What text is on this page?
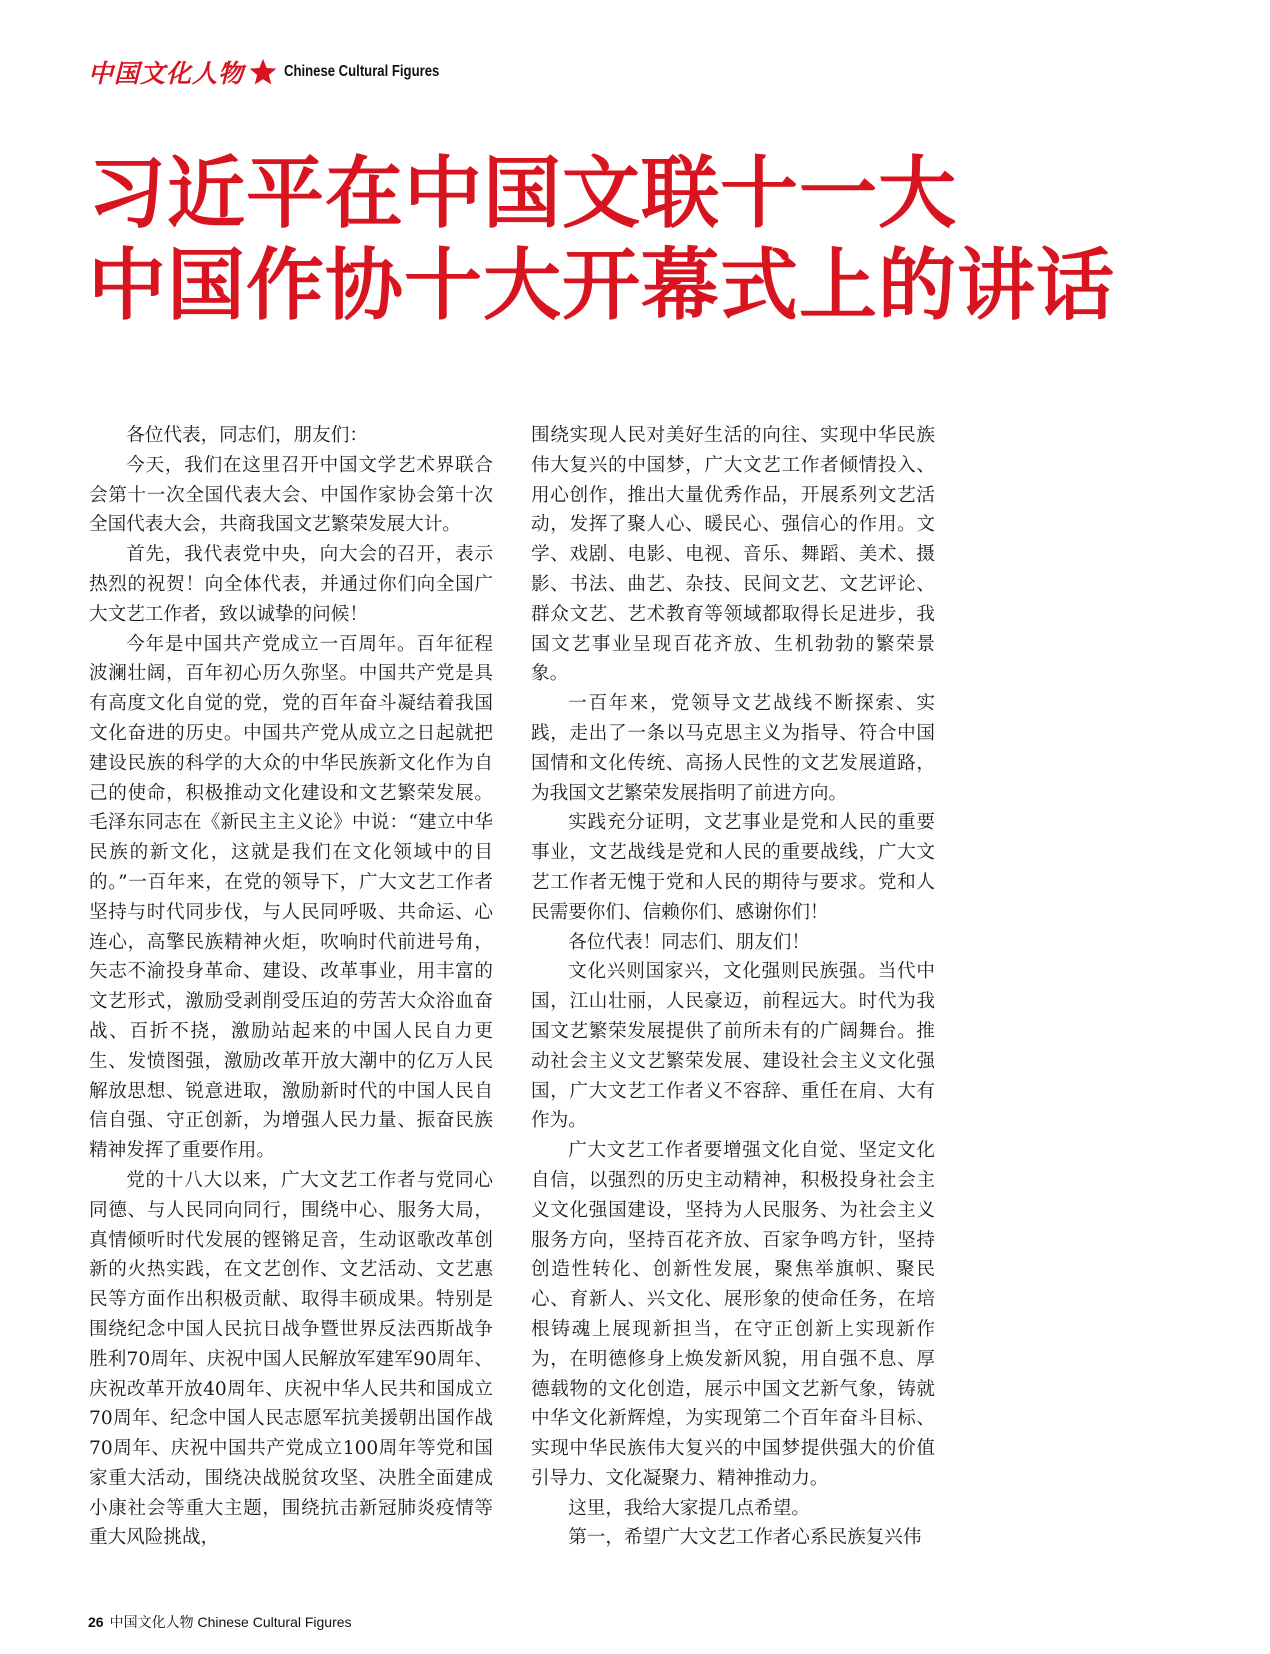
中国文化人物	Chinese Cultural Figures
习近平在中国文联十一大
中国作协十大开幕式上的讲话

各位代表，同志们，朋友们：

今天，我们在这里召开中国文学艺术界联合会第十一次全国代表大会、中国作家协会第十次全国代表大会，共商我国文艺繁荣发展大计。

首先，我代表党中央，向大会的召开，表示热烈的祝贺！向全体代表，并通过你们向全国广大文艺工作者，致以诚挚的问候！

今年是中国共产党成立一百周年。百年征程波澜壮阔，百年初心历久弥坚。中国共产党是具有高度文化自觉的党，党的百年奋斗凝结着我国文化奋进的历史。中国共产党从成立之日起就把建设民族的科学的大众的中华民族新文化作为自己的使命，积极推动文化建设和文艺繁荣发展。毛泽东同志在《新民主主义论》中说：“建立中华民族的新文化，这就是我们在文化领域中的目的。”一百年来，在党的领导下，广大文艺工作者坚持与时代同步伐，与人民同呼吸、共命运、心连心，高擎民族精神火炬，吹响时代前进号角，矢志不渝投身革命、建设、改革事业，用丰富的文艺形式，激励受剥削受压迫的劳苦大众浴血奋战、百折不挠，激励站起来的中国人民自力更生、发愤图强，激励改革开放大潮中的亿万人民解放思想、锐意进取，激励新时代的中国人民自信自强、守正创新，为增强人民力量、振奋民族精神发挥了重要作用。

党的十八大以来，广大文艺工作者与党同心同德、与人民同向同行，围绕中心、服务大局，真情倾听时代发展的铿锵足音，生动讴歌改革创新的火热实践，在文艺创作、文艺活动、文艺惠民等方面作出积极贡献、取得丰硕成果。特别是围绕纪念中国人民抗日战争暨世界反法西斯战争胜利70周年、庆祝中国人民解放军建军90周年、庆祝改革开放40周年、庆祝中华人民共和国成立70周年、纪念中国人民志愿军抗美援朝出国作战70周年、庆祝中国共产党成立100周年等党和国家重大活动，围绕决战脱贫攻坚、决胜全面建成小康社会等重大主题，围绕抗击新冠肺炎疫情等重大风险挑战，

围绕实现人民对美好生活的向往、实现中华民族伟大复兴的中国梦，广大文艺工作者倾情投入、用心创作，推出大量优秀作品，开展系列文艺活动，发挥了聚人心、暖民心、强信心的作用。文学、戏剧、电影、电视、音乐、舞蹈、美术、摄影、书法、曲艺、杂技、民间文艺、文艺评论、群众文艺、艺术教育等领域都取得长足进步，我国文艺事业呈现百花齐放、生机勃勃的繁荣景象。

一百年来，党领导文艺战线不断探索、实践，走出了一条以马克思主义为指导、符合中国国情和文化传统、高扬人民性的文艺发展道路，为我国文艺繁荣发展指明了前进方向。

实践充分证明，文艺事业是党和人民的重要事业，文艺战线是党和人民的重要战线，广大文艺工作者无愧于党和人民的期待与要求。党和人民需要你们、信赖你们、感谢你们！

各位代表！同志们、朋友们！

文化兴则国家兴，文化强则民族强。当代中国，江山壮丽，人民豪迈，前程远大。时代为我国文艺繁荣发展提供了前所未有的广阔舞台。推动社会主义文艺繁荣发展、建设社会主义文化强国，广大文艺工作者义不容辞、重任在肩、大有作为。

广大文艺工作者要增强文化自觉、坚定文化自信，以强烈的历史主动精神，积极投身社会主义文化强国建设，坚持为人民服务、为社会主义服务方向，坚持百花齐放、百家争鸣方针，坚持创造性转化、创新性发展，聚焦举旗帜、聚民心、育新人、兴文化、展形象的使命任务，在培根铸魂上展现新担当，在守正创新上实现新作为，在明德修身上焕发新风貌，用自强不息、厚德载物的文化创造，展示中国文艺新气象，铸就中华文化新辉煌，为实现第二个百年奋斗目标、实现中华民族伟大复兴的中国梦提供强大的价值引导力、文化凝聚力、精神推动力。

这里，我给大家提几点希望。

第一，希望广大文艺工作者心系民族复兴伟

26 中国文化人物 Chinese Cultural Figures
